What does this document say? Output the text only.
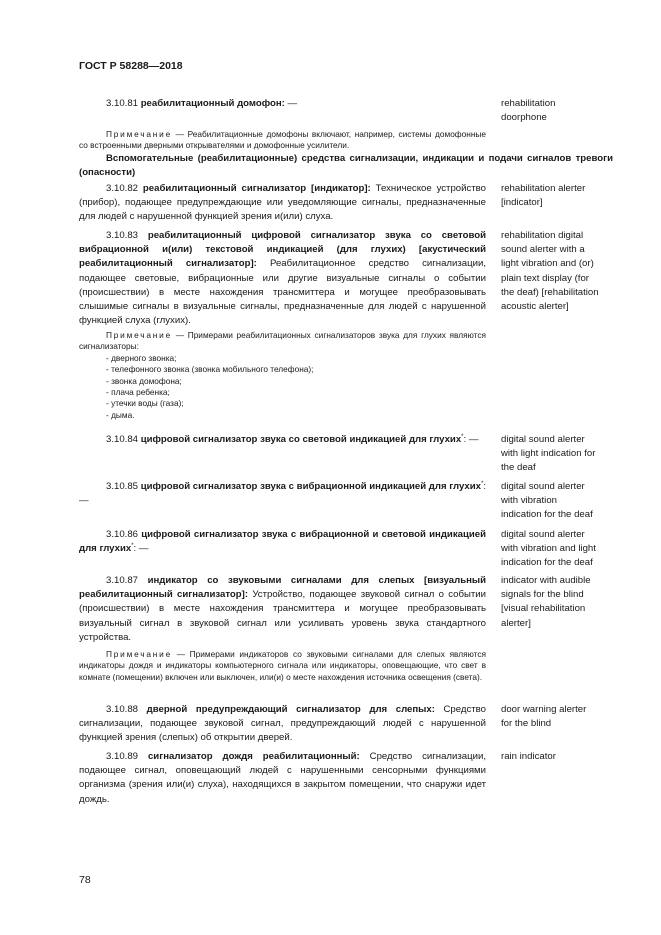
ГОСТ Р 58288—2018

3.10.81 реабилитационный домофон: —	rehabilitation
doorphone

Примечание — Реабилитационные домофоны включают, например, системы домофонные со встроенными дверными открывателями и домофонные усилители.

Вспомогательные (реабилитационные) средства сигнализации, индикации и подачи сигналов тревоги (опасности)

3.10.82 реабилитационный сигнализатор [индикатор]: Техническое устройство (прибор), подающее предупреждающие или уведомляющие сигналы, предназначенные для людей с нарушенной функцией зрения и(или) слуха.

rehabilitation alerter
[indicator]

3.10.83 реабилитационный цифровой сигнализатор звука со световой вибрационной и(или) текстовой индикацией (для глухих) [акустический реабилитационный сигнализатор]: Реабилитационное средство сигнализации, подающее световые, вибрационные или другие визуальные сигналы о событии (происшествии) в месте нахождения трансмиттера и могущее преобразовывать слышимые сигналы в визуальные сигналы, предназначенные для людей с нарушенной функцией слуха (глухих).

rehabilitation digital
sound alerter with a
light vibration and (or)
plain text display (for
the deaf) [rehabilitation
acoustic alerter]

Примечание — Примерами реабилитационных сигнализаторов звука для глухих являются сигнализаторы:

- дверного звонка;
- телефонного звонка (звонка мобильного телефона);
- звонка домофона;
- плача ребенка;
- утечки воды (газа);
- дыма.

3.10.84 цифровой сигнализатор звука со световой индикацией для глухих*: —	digital sound alerter
with light indication for
the deaf

3.10.85 цифровой сигнализатор звука с вибрационной индикацией для глухих*: —

digital sound alerter
with vibration
indication for the deaf

3.10.86 цифровой сигнализатор звука с вибрационной и световой индикацией для глухих*: —

digital sound alerter
with vibration and light
indication for the deaf

3.10.87 индикатор со звуковыми сигналами для слепых [визуальный реабилитационный сигнализатор]: Устройство, подающее звуковой сигнал о событии (происшествии) в месте нахождения трансмиттера и могущее преобразовывать визуальный сигнал в звуковой сигнал или усиливать уровень звука стандартного устройства.

indicator with audible
signals for the blind
[visual rehabilitation
alerter]

Примечание — Примерами индикаторов со звуковыми сигналами для слепых являются индикаторы дождя и индикаторы компьютерного сигнала или индикаторы, оповещающие, что свет в комнате (помещении) включен или выключен, или(и) о месте нахождения источника освещения (света).

3.10.88 дверной предупреждающий сигнализатор для слепых: Средство сигнализации, подающее звуковой сигнал, предупреждающий людей с нарушенной функцией зрения (слепых) об открытии дверей.

door warning alerter
for the blind

3.10.89 сигнализатор дождя реабилитационный: Средство сигнализации, подающее сигнал, оповещающий людей с нарушенными сенсорными функциями организма (зрения или(и) слуха), находящихся в закрытом помещении, что снаружи идет дождь.

rain indicator
78
